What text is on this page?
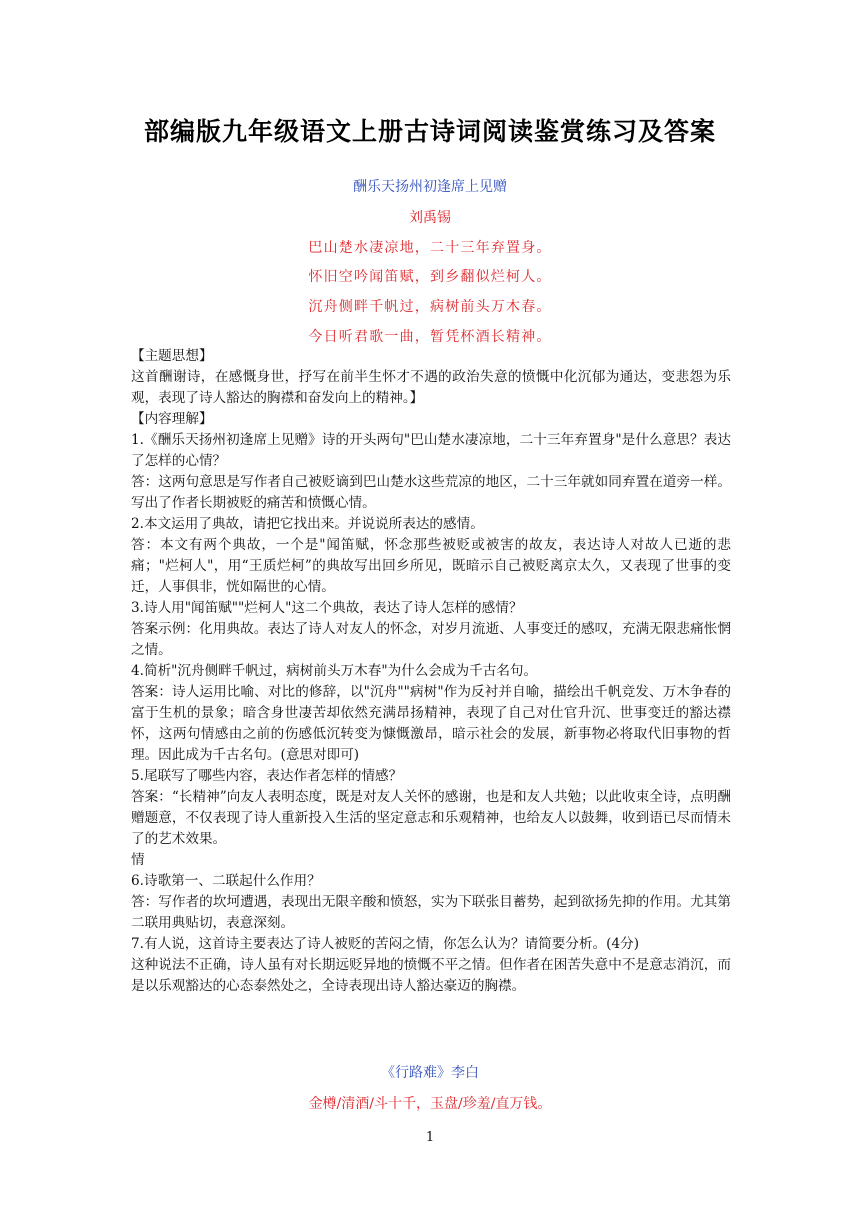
部编版九年级语文上册古诗词阅读鉴赏练习及答案
酬乐天扬州初逢席上见赠
刘禹锡
巴山楚水凄凉地，二十三年弃置身。
怀旧空吟闻笛赋，到乡翻似烂柯人。
沉舟侧畔千帆过，病树前头万木春。
今日听君歌一曲，暂凭杯酒长精神。

【主题思想】

这首酬谢诗，在感慨身世，抒写在前半生怀才不遇的政治失意的愤慨中化沉郁为通达，变悲怨为乐观，表现了诗人豁达的胸襟和奋发向上的精神。】

【内容理解】

1.《酬乐天扬州初逢席上见赠》诗的开头两句"巴山楚水凄凉地，二十三年弃置身"是什么意思？表达了怎样的心情？

答：这两句意思是写作者自己被贬谪到巴山楚水这些荒凉的地区，二十三年就如同弃置在道旁一样。写出了作者长期被贬的痛苦和愤慨心情。

2.本文运用了典故，请把它找出来。并说说所表达的感情。

答：本文有两个典故，一个是"闻笛赋，怀念那些被贬或被害的故友，表达诗人对故人已逝的悲痛；"烂柯人"，用“王质烂柯”的典故写出回乡所见，既暗示自己被贬离京太久，又表现了世事的变迁，人事俱非，恍如隔世的心情。

3.诗人用"闻笛赋""烂柯人"这二个典故，表达了诗人怎样的感情？

答案示例：化用典故。表达了诗人对友人的怀念，对岁月流逝、人事变迁的感叹，充满无限悲痛怅惘之情。

4.简析"沉舟侧畔千帆过，病树前头万木春"为什么会成为千古名句。

答案：诗人运用比喻、对比的修辞，以"沉舟""病树"作为反衬并自喻，描绘出千帆竞发、万木争春的富于生机的景象；暗含身世凄苦却依然充满昂扬精神，表现了自己对仕官升沉、世事变迁的豁达襟怀，这两句情感由之前的伤感低沉转变为慷慨激昂，暗示社会的发展，新事物必将取代旧事物的哲理。因此成为千古名句。(意思对即可)

5.尾联写了哪些内容，表达作者怎样的情感？

答案：“长精神”向友人表明态度，既是对友人关怀的感谢，也是和友人共勉；以此收束全诗，点明酬赠题意，不仅表现了诗人重新投入生活的坚定意志和乐观精神，也给友人以鼓舞，收到语已尽而情未了的艺术效果。

情

6.诗歌第一、二联起什么作用？

答：写作者的坎坷遭遇，表现出无限辛酸和愤怒，实为下联张目蓄势，起到欲扬先抑的作用。尤其第二联用典贴切，表意深刻。

7.有人说，这首诗主要表达了诗人被贬的苦闷之情，你怎么认为？请简要分析。(4分)

这种说法不正确，诗人虽有对长期远贬异地的愤慨不平之情。但作者在困苦失意中不是意志消沉，而是以乐观豁达的心态泰然处之，全诗表现出诗人豁达豪迈的胸襟。

《行路难》李白
金樽/清酒/斗十千，玉盘/珍羞/直万钱。
1
